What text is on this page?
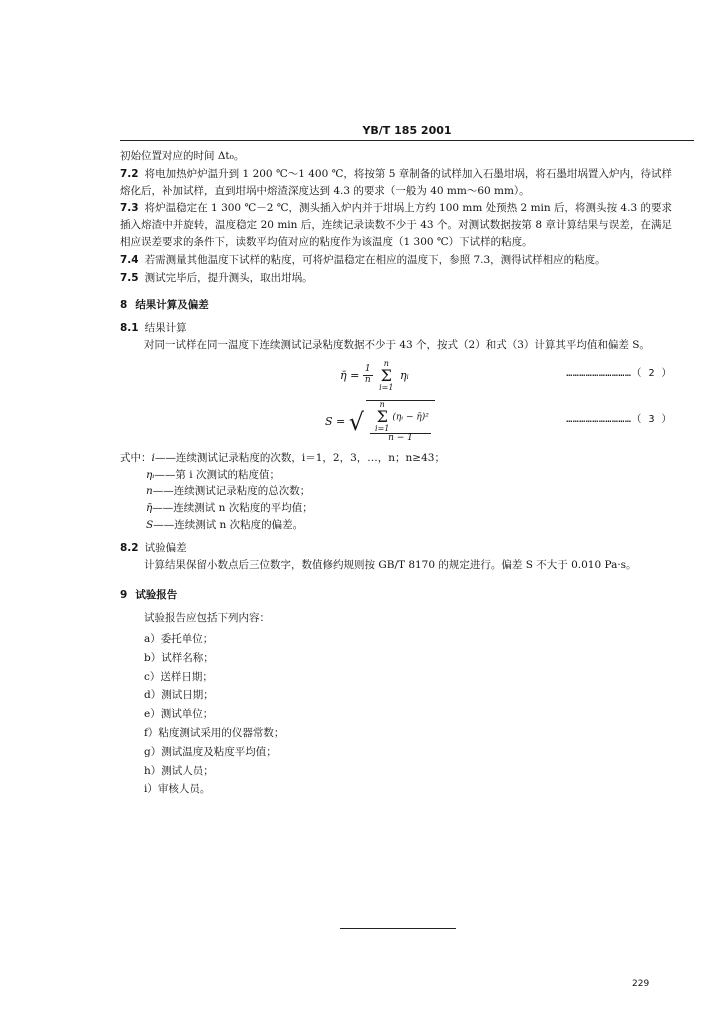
YB/T 185 2001

初始位置对应的时间 Δt₀。

7.2 将电加热炉炉温升到 1 200 ℃～1 400 ℃，将按第 5 章制备的试样加入石墨坩埚，将石墨坩埚置入炉内，待试样熔化后，补加试样，直到坩埚中熔渣深度达到 4.3 的要求（一般为 40 mm～60 mm）。

7.3 将炉温稳定在 1 300 ℃－2 ℃，测头插入炉内并于坩埚上方约 100 mm 处预热 2 min 后，将测头按 4.3 的要求插入熔渣中并旋转，温度稳定 20 min 后，连续记录读数不少于 43 个。对测试数据按第 8 章计算结果与误差，在满足相应误差要求的条件下，读数平均值对应的粘度作为该温度（1 300 ℃）下试样的粘度。

7.4 若需测量其他温度下试样的粘度，可将炉温稳定在相应的温度下，参照 7.3，测得试样相应的粘度。

7.5 测试完毕后，提升测头，取出坩埚。

8 结果计算及偏差

8.1 结果计算

对同一试样在同一温度下连续测试记录粘度数据不少于 43 个，按式（2）和式（3）计算其平均值和偏差 S。

η̄ = $\frac{1}{n}$
n
Σ
i=1 ηᵢ	…………………………（ 2 ）
S = √ n
Σ
i=1(ηᵢ − η̄)²
n − 1	…………………………（ 3 ）

式中：i——连续测试记录粘度的次数，i＝1，2，3，…，n；n≥43；

ηᵢ——第 i 次测试的粘度值；

n——连续测试记录粘度的总次数；

η̄——连续测试 n 次粘度的平均值；

S——连续测试 n 次粘度的偏差。

8.2 试验偏差

计算结果保留小数点后三位数字，数值修约规则按 GB/T 8170 的规定进行。偏差 S 不大于 0.010 Pa·s。

9 试验报告

试验报告应包括下列内容：

a）委托单位；

b）试样名称；

c）送样日期；

d）测试日期；

e）测试单位；

f）粘度测试采用的仪器常数；

g）测试温度及粘度平均值；

h）测试人员；

i）审核人员。

229
